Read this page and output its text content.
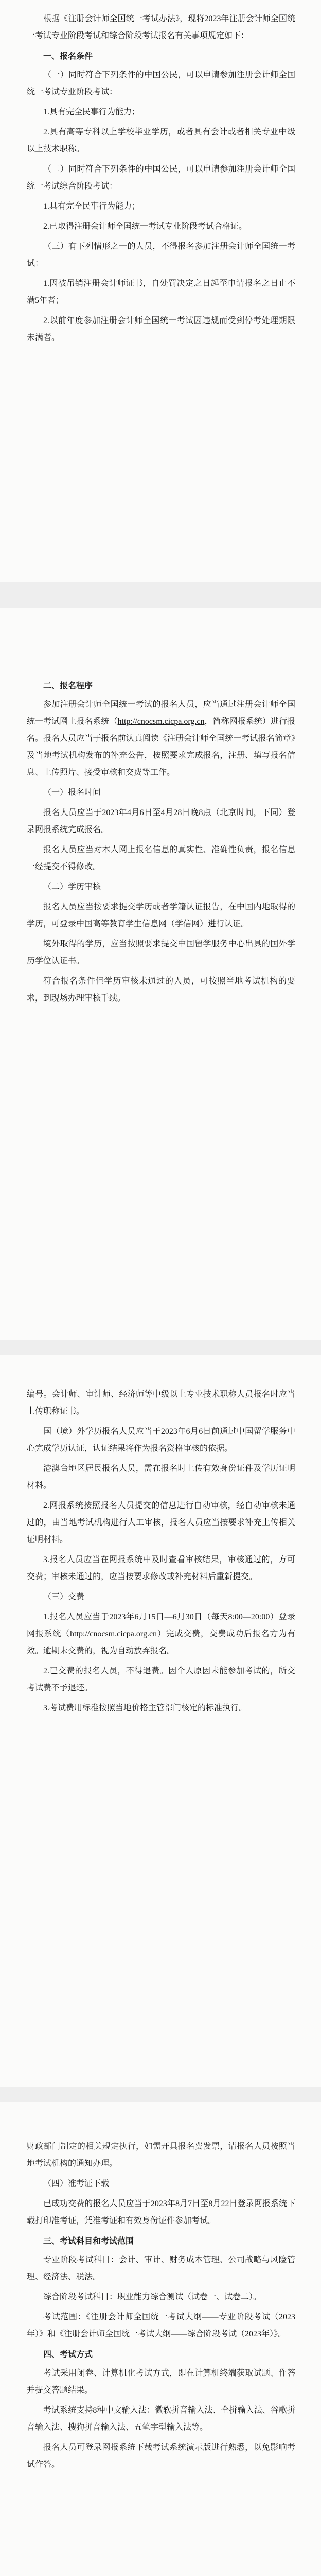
根据《注册会计师全国统一考试办法》，现将2023年注册会计师全国统一考试专业阶段考试和综合阶段考试报名有关事项规定如下：

一、报名条件

（一）同时符合下列条件的中国公民，可以申请参加注册会计师全国统一考试专业阶段考试：

1.具有完全民事行为能力；

2.具有高等专科以上学校毕业学历，或者具有会计或者相关专业中级以上技术职称。

（二）同时符合下列条件的中国公民，可以申请参加注册会计师全国统一考试综合阶段考试：

1.具有完全民事行为能力；

2.已取得注册会计师全国统一考试专业阶段考试合格证。

（三）有下列情形之一的人员，不得报名参加注册会计师全国统一考试：

1.因被吊销注册会计师证书，自处罚决定之日起至申请报名之日止不满5年者；

2.以前年度参加注册会计师全国统一考试因违规而受到停考处理期限未满者。

二、报名程序

参加注册会计师全国统一考试的报名人员，应当通过注册会计师全国统一考试网上报名系统（http://cnocsm.cicpa.org.cn，简称网报系统）进行报名。报名人员应当于报名前认真阅读《注册会计师全国统一考试报名简章》及当地考试机构发布的补充公告，按照要求完成报名，注册、填写报名信息、上传照片、接受审核和交费等工作。

（一）报名时间

报名人员应当于2023年4月6日至4月28日晚8点（北京时间，下同）登录网报系统完成报名。

报名人员应当对本人网上报名信息的真实性、准确性负责，报名信息一经提交不得修改。

（二）学历审核

报名人员应当按要求提交学历或者学籍认证报告，在中国内地取得的学历，可登录中国高等教育学生信息网（学信网）进行认证。

境外取得的学历，应当按照要求提交中国留学服务中心出具的国外学历学位认证书。

符合报名条件但学历审核未通过的人员，可按照当地考试机构的要求，到现场办理审核手续。

编号。会计师、审计师、经济师等中级以上专业技术职称人员报名时应当上传职称证书。

国（境）外学历报名人员应当于2023年6月6日前通过中国留学服务中心完成学历认证，认证结果将作为报名资格审核的依据。

港澳台地区居民报名人员，需在报名时上传有效身份证件及学历证明材料。

2.网报系统按照报名人员提交的信息进行自动审核，经自动审核未通过的，由当地考试机构进行人工审核，报名人员应当按要求补充上传相关证明材料。

3.报名人员应当在网报系统中及时查看审核结果，审核通过的，方可交费；审核未通过的，应当按要求修改或补充材料后重新提交。

（三）交费

1.报名人员应当于2023年6月15日—6月30日（每天8:00—20:00）登录网报系统（http://cnocsm.cicpa.org.cn）完成交费，交费成功后报名方为有效。逾期未交费的，视为自动放弃报名。

2.已交费的报名人员，不得退费。因个人原因未能参加考试的，所交考试费不予退还。

3.考试费用标准按照当地价格主管部门核定的标准执行。

财政部门制定的相关规定执行，如需开具报名费发票，请报名人员按照当地考试机构的通知办理。

（四）准考证下载

已成功交费的报名人员应当于2023年8月7日至8月22日登录网报系统下载打印准考证，凭准考证和有效身份证件参加考试。

三、考试科目和考试范围

专业阶段考试科目：会计、审计、财务成本管理、公司战略与风险管理、经济法、税法。

综合阶段考试科目：职业能力综合测试（试卷一、试卷二）。

考试范围：《注册会计师全国统一考试大纲——专业阶段考试（2023年）》和《注册会计师全国统一考试大纲——综合阶段考试（2023年）》。

四、考试方式

考试采用闭卷、计算机化考试方式，即在计算机终端获取试题、作答并提交答题结果。

考试系统支持8种中文输入法：微软拼音输入法、全拼输入法、谷歌拼音输入法、搜狗拼音输入法、五笔字型输入法等。

报名人员可登录网报系统下载考试系统演示版进行熟悉，以免影响考试作答。
